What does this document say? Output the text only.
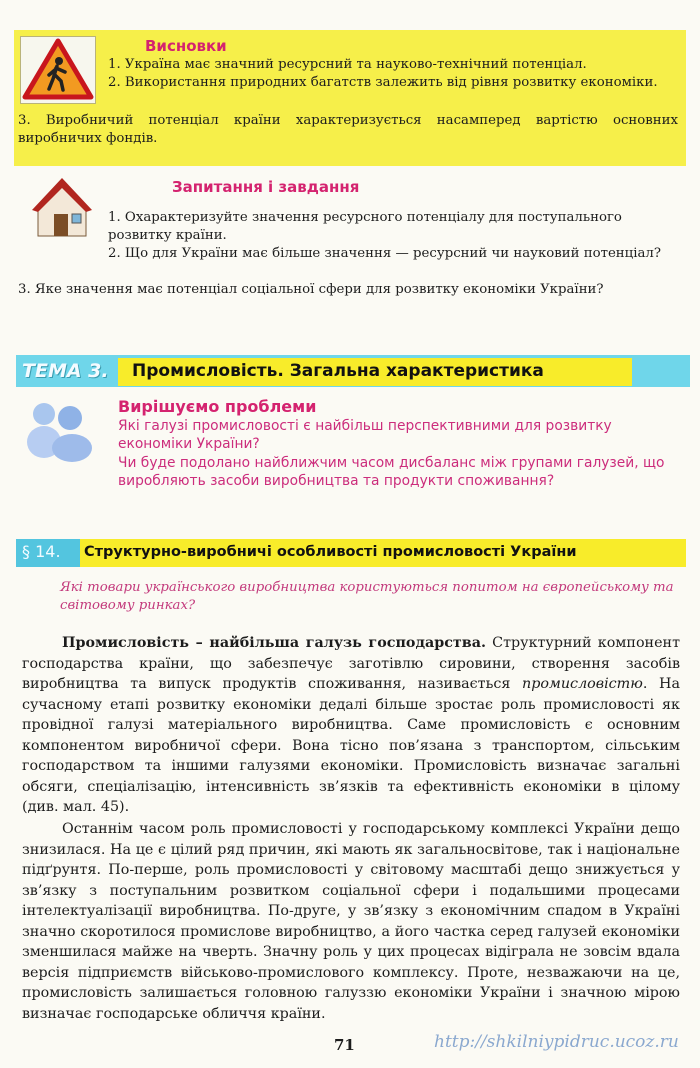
Висновки
1. Україна має значний ресурсний та науково-технічний потенціал.
2. Використання природних багатств залежить від рівня розвитку економіки.
3. Виробничий потенціал країни характеризується насамперед вартістю основних виробничих фондів.
Запитання і завдання
1. Охарактеризуйте значення ресурсного потенціалу для поступального розвитку країни.
2. Що для України має більше значення — ресурсний чи науковий потенціал?
3. Яке значення має потенціал соціальної сфери для розвитку економіки України?
ТЕМА 3. Промисловість. Загальна характеристика
Вирішуємо проблеми
Які галузі промисловості є найбільш перспективними для розвитку економіки України?
Чи буде подолано найближчим часом дисбаланс між групами галузей, що виробляють засоби виробництва та продукти споживання?
§ 14. Структурно-виробничі особливості промисловості України
Які товари українського виробництва користуються попитом на європейському та світовому ринках?
Промисловість – найбільша галузь господарства. Структурний компонент господарства країни, що забезпечує заготівлю сировини, створення засобів виробництва та випуск продуктів споживання, називається промисловістю. На сучасному етапі розвитку економіки дедалі більше зростає роль промисловості як провідної галузі матеріального виробництва. Саме промисловість є основним компонентом виробничої сфери. Вона тісно пов’язана з транспортом, сільським господарством та іншими галузями економіки. Промисловість визначає загальні обсяги, спеціалізацію, інтенсивність зв’язків та ефективність економіки в цілому (див. мал. 45).
Останнім часом роль промисловості у господарському комплексі України дещо знизилася. На це є цілий ряд причин, які мають як загальносвітове, так і національне підґрунтя. По-перше, роль промисловості у світовому масштабі дещо знижується у зв’язку з поступальним розвитком соціальної сфери і подальшими процесами інтелектуалізації виробництва. По-друге, у зв’язку з економічним спадом в Україні значно скоротилося промислове виробництво, а його частка серед галузей економіки зменшилася майже на чверть. Значну роль у цих процесах відіграла не зовсім вдала версія підприємств військово-промислового комплексу. Проте, незважаючи на це, промисловість залишається головною галуззю економіки України і значною мірою визначає господарське обличчя країни.
71	http://shkilniypidruc.ucoz.ru
